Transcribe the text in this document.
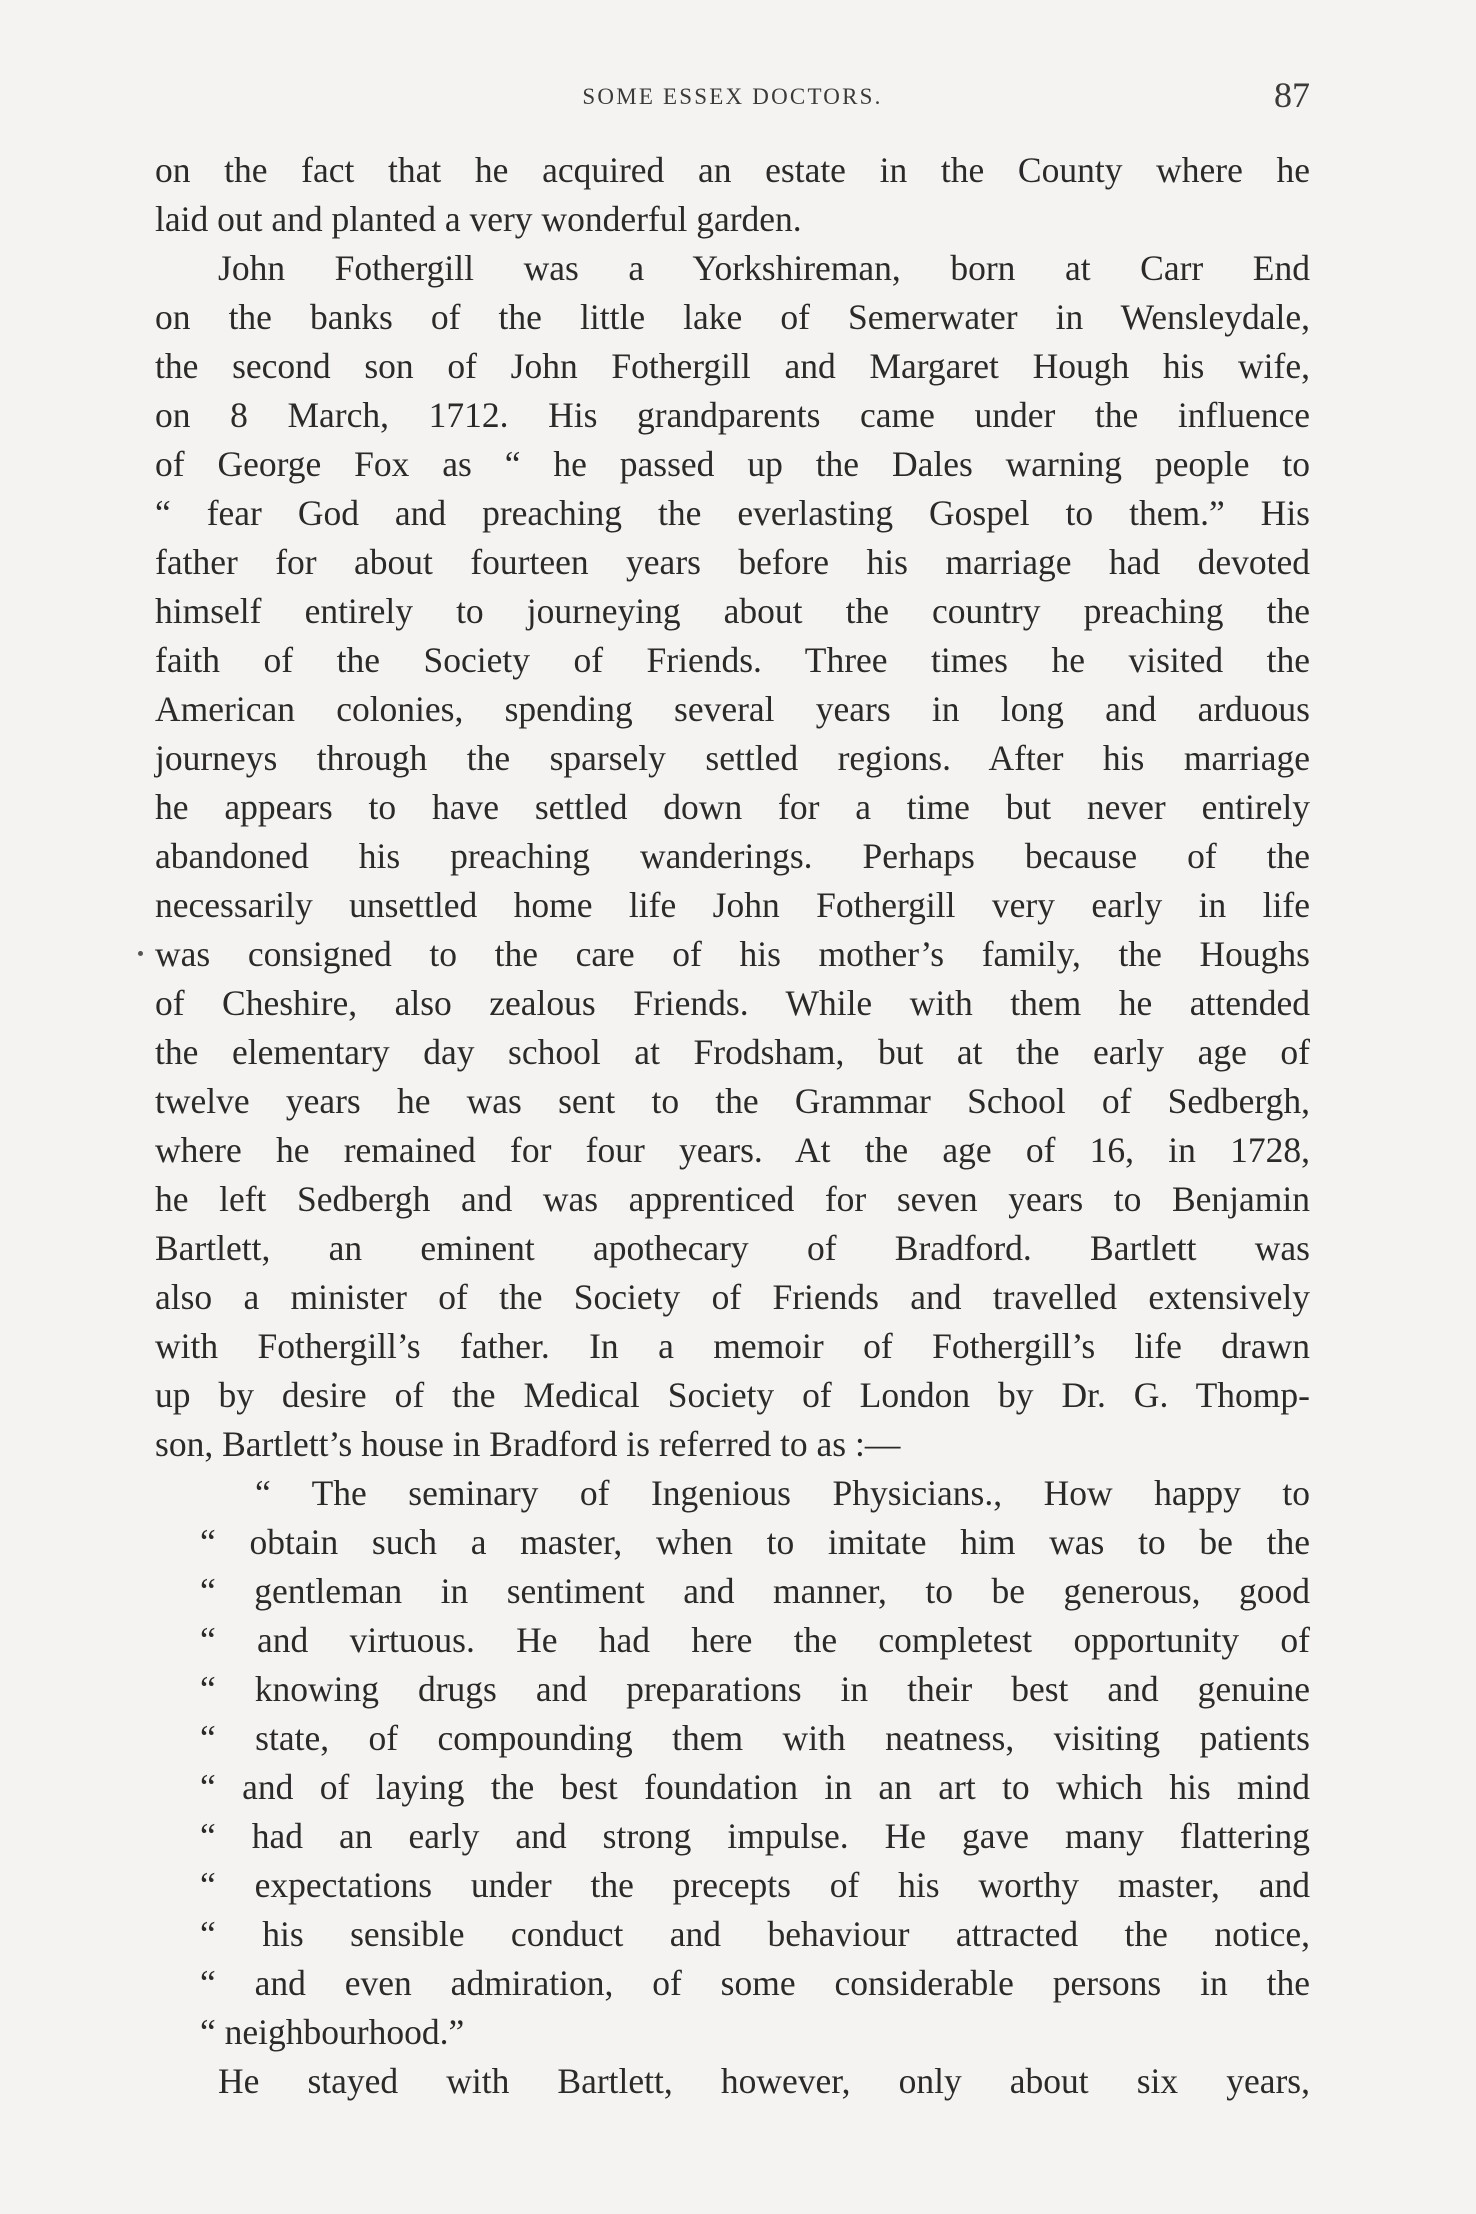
SOME ESSEX DOCTORS.	87
on the fact that he acquired an estate in the County where he
laid out and planted a very wonderful garden.
John Fothergill was a Yorkshireman, born at Carr End
on the banks of the little lake of Semerwater in Wensleydale,
the second son of John Fothergill and Margaret Hough his wife,
on 8 March, 1712. His grandparents came under the influence
of George Fox as “ he passed up the Dales warning people to
“ fear God and preaching the everlasting Gospel to them.” His
father for about fourteen years before his marriage had devoted
himself entirely to journeying about the country preaching the
faith of the Society of Friends. Three times he visited the
American colonies, spending several years in long and arduous
journeys through the sparsely settled regions. After his marriage
he appears to have settled down for a time but never entirely
abandoned his preaching wanderings. Perhaps because of the
necessarily unsettled home life John Fothergill very early in life
was consigned to the care of his mother’s family, the Houghs
of Cheshire, also zealous Friends. While with them he attended
the elementary day school at Frodsham, but at the early age of
twelve years he was sent to the Grammar School of Sedbergh,
where he remained for four years. At the age of 16, in 1728,
he left Sedbergh and was apprenticed for seven years to Benjamin
Bartlett, an eminent apothecary of Bradford. Bartlett was
also a minister of the Society of Friends and travelled extensively
with Fothergill’s father. In a memoir of Fothergill’s life drawn
up by desire of the Medical Society of London by Dr. G. Thomp-
son, Bartlett’s house in Bradford is referred to as :—
“ The seminary of Ingenious Physicians., How happy to
“ obtain such a master, when to imitate him was to be the
“ gentleman in sentiment and manner, to be generous, good
“ and virtuous. He had here the completest opportunity of
“ knowing drugs and preparations in their best and genuine
“ state, of compounding them with neatness, visiting patients
“ and of laying the best foundation in an art to which his mind
“ had an early and strong impulse. He gave many flattering
“ expectations under the precepts of his worthy master, and
“ his sensible conduct and behaviour attracted the notice,
“ and even admiration, of some considerable persons in the
“ neighbourhood.”
He stayed with Bartlett, however, only about six years,
